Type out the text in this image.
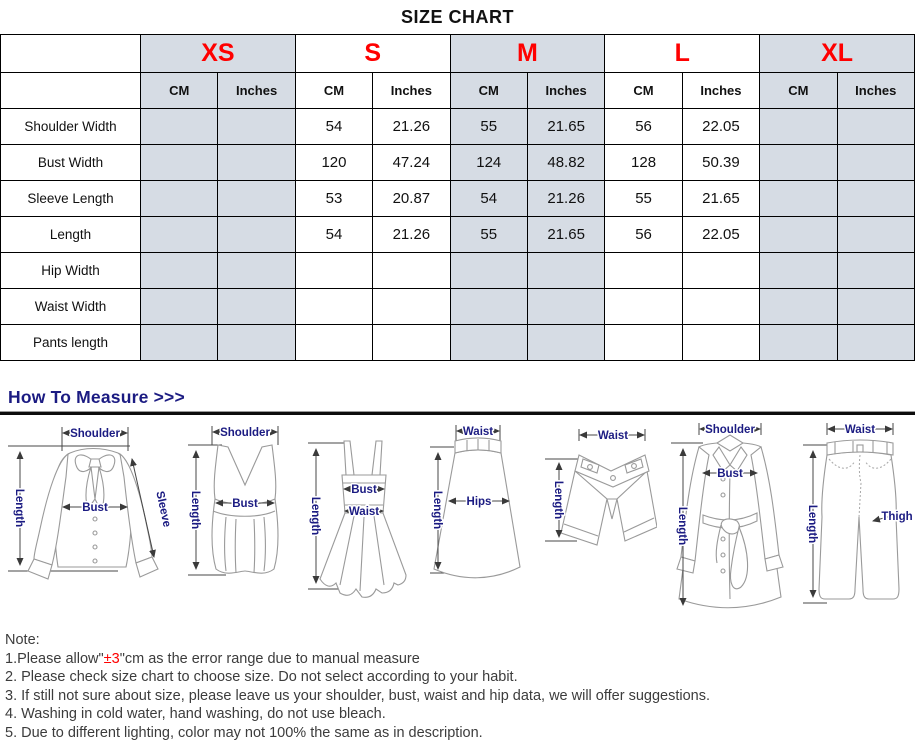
SIZE CHART
	XS		S		M		L		XL	
	CM	Inches	CM	Inches	CM	Inches	CM	Inches	CM	Inches
Shoulder Width			54	21.26	55	21.65	56	22.05		
Bust Width			120	47.24	124	48.82	128	50.39		
Sleeve Length			53	20.87	54	21.26	55	21.65		
Length			54	21.26	55	21.65	56	22.05		
Hip Width										
Waist Width										
Pants length										
How To Measure >>>
Shoulder
Length	Bust	Sleeve
Shoulder
Length	Bust	Length
Bust
Waist
Waist
Length Hips
Waist
Length
Shoulder
Length
Bust
Waist
Length	Thigh
Note:
1.Please allow"±3"cm as the error range due to manual measure
2. Please check size chart to choose size. Do not select according to your habit.
3. If still not sure about size, please leave us your shoulder, bust, waist and hip data, we will offer suggestions.
4. Washing in cold water, hand washing, do not use bleach.
5. Due to different lighting, color may not 100% the same as in description.
